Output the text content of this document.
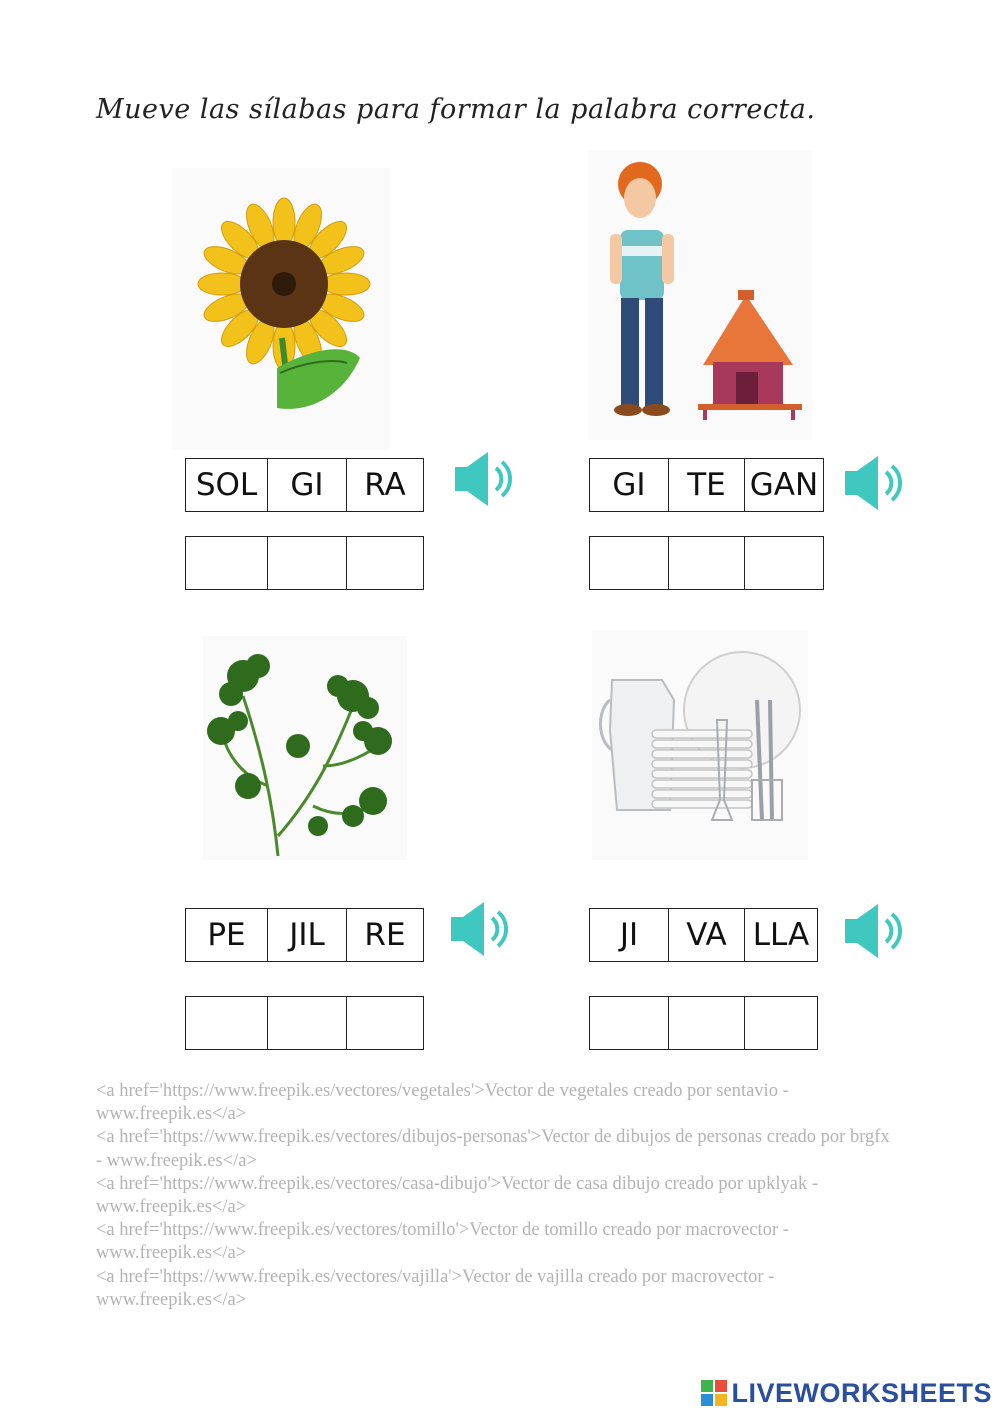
Mueve las sílabas para formar la palabra correcta.
SOL	GI	RA	GI	TE GAN
PE	JIL	RE	JI	VA LLA
<a href='https://www.freepik.es/vectores/vegetales'>Vector de vegetales creado por sentavio - www.freepik.es</a>
<a href='https://www.freepik.es/vectores/dibujos-personas'>Vector de dibujos de personas creado por brgfx - www.freepik.es</a>
<a href='https://www.freepik.es/vectores/casa-dibujo'>Vector de casa dibujo creado por upklyak - www.freepik.es</a>
<a href='https://www.freepik.es/vectores/tomillo'>Vector de tomillo creado por macrovector - www.freepik.es</a>
<a href='https://www.freepik.es/vectores/vajilla'>Vector de vajilla creado por macrovector - www.freepik.es</a>
LIVEWORKSHEETS
